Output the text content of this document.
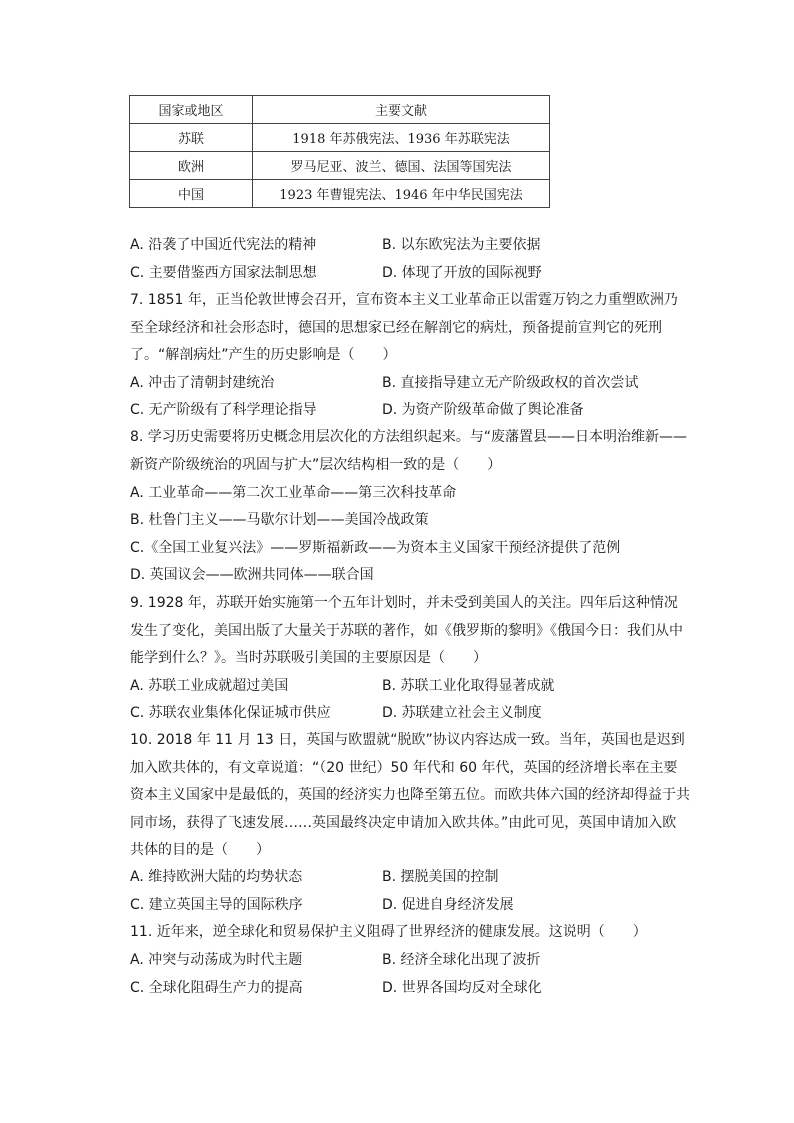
国家或地区	主要文献
苏联	1918 年苏俄宪法、1936 年苏联宪法
欧洲	罗马尼亚、波兰、德国、法国等国宪法
中国	1923 年曹锟宪法、1946 年中华民国宪法
A. 沿袭了中国近代宪法的精神	B. 以东欧宪法为主要依据
C. 主要借鉴西方国家法制思想	D. 体现了开放的国际视野
7. 1851 年，正当伦敦世博会召开，宣布资本主义工业革命正以雷霆万钧之力重塑欧洲乃至全球经济和社会形态时，德国的思想家已经在解剖它的病灶，预备提前宣判它的死刑了。“解剖病灶”产生的历史影响是（　　）
A. 冲击了清朝封建统治	B. 直接指导建立无产阶级政权的首次尝试
C. 无产阶级有了科学理论指导	D. 为资产阶级革命做了舆论准备
8. 学习历史需要将历史概念用层次化的方法组织起来。与“废藩置县——日本明治维新——新资产阶级统治的巩固与扩大”层次结构相一致的是（　　）
A. 工业革命——第二次工业革命——第三次科技革命
B. 杜鲁门主义——马歇尔计划——美国冷战政策
C.《全国工业复兴法》——罗斯福新政——为资本主义国家干预经济提供了范例
D. 英国议会——欧洲共同体——联合国
9. 1928 年，苏联开始实施第一个五年计划时，并未受到美国人的关注。四年后这种情况发生了变化，美国出版了大量关于苏联的著作，如《俄罗斯的黎明》《俄国今日：我们从中能学到什么？》。当时苏联吸引美国的主要原因是（　　）
A. 苏联工业成就超过美国	B. 苏联工业化取得显著成就
C. 苏联农业集体化保证城市供应	D. 苏联建立社会主义制度
10. 2018 年 11 月 13 日，英国与欧盟就“脱欧”协议内容达成一致。当年，英国也是迟到加入欧共体的，有文章说道：“（20 世纪）50 年代和 60 年代，英国的经济增长率在主要资本主义国家中是最低的，英国的经济实力也降至第五位。而欧共体六国的经济却得益于共同市场，获得了飞速发展……英国最终决定申请加入欧共体。”由此可见，英国申请加入欧共体的目的是（　　）
A. 维持欧洲大陆的均势状态	B. 摆脱美国的控制
C. 建立英国主导的国际秩序	D. 促进自身经济发展
11. 近年来，逆全球化和贸易保护主义阻碍了世界经济的健康发展。这说明（　　）
A. 冲突与动荡成为时代主题	B. 经济全球化出现了波折
C. 全球化阻碍生产力的提高	D. 世界各国均反对全球化
